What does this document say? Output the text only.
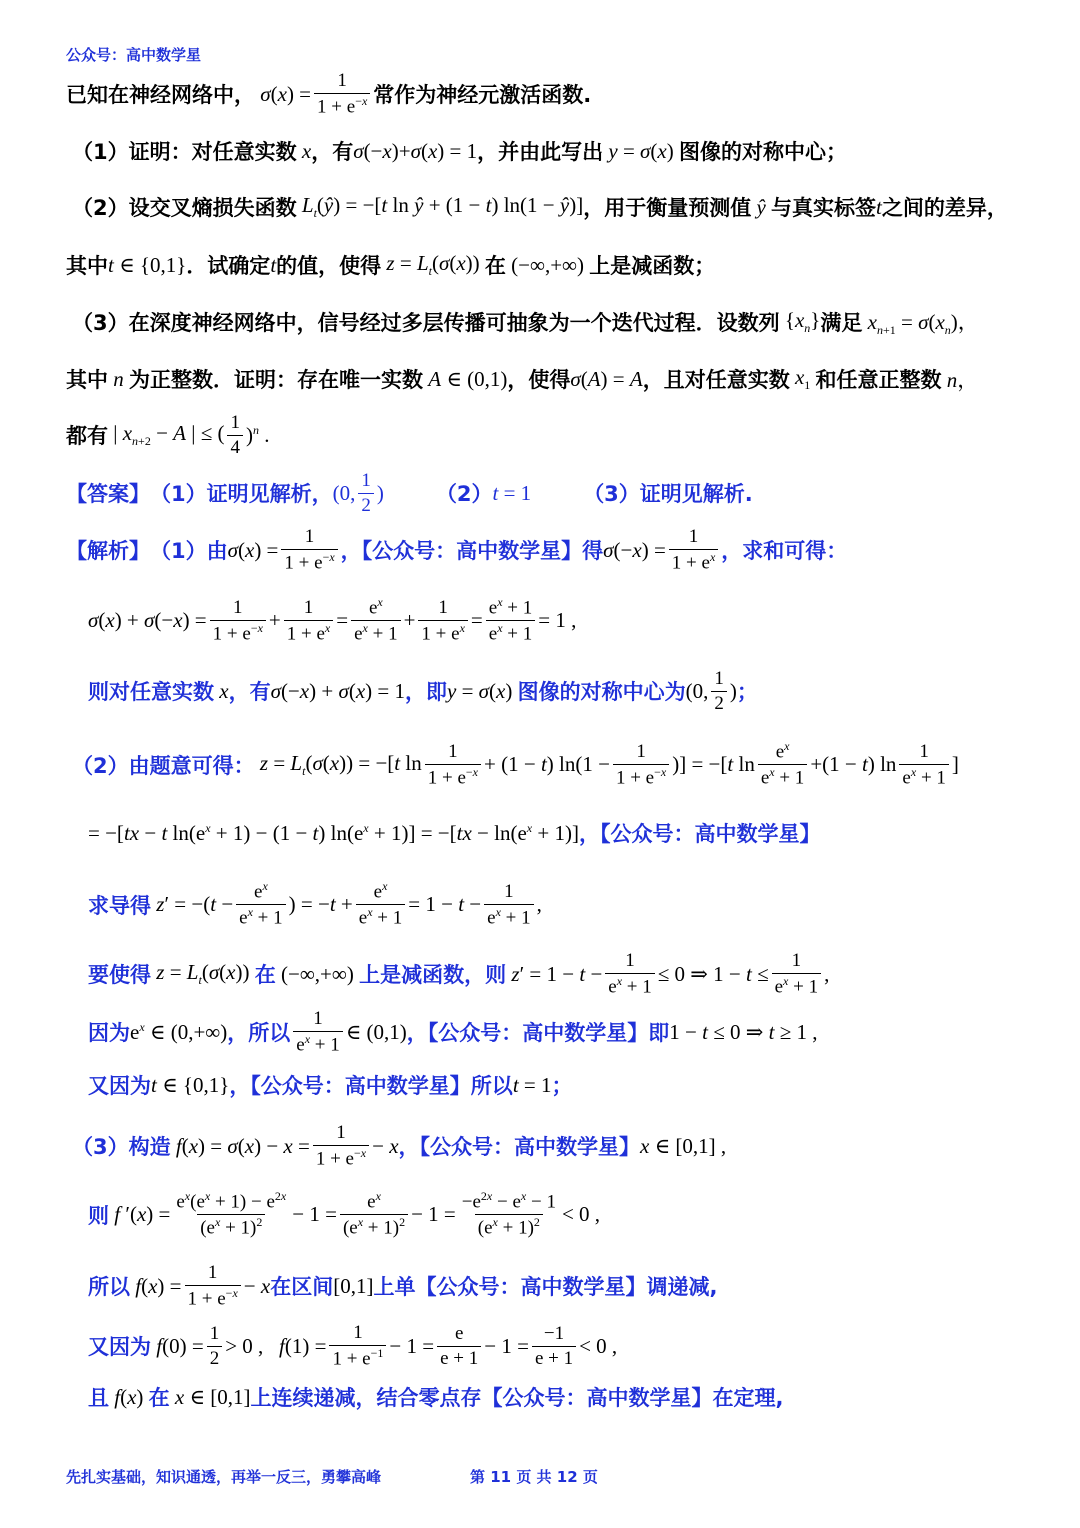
公众号：高中数学星
已知在神经网络中， $\sigma(x) = \frac{1}{1 + e^{-x}}$ 常作为神经元激活函数.
（1） 证明：对任意实数 x ，有 σ(−x)+σ(x) = 1 ，并由此写出 y = σ(x) 图像的对称中心；
（2） 设交叉熵损失函数 $L_t(ŷ) = -[t$ ln ŷ + (1 − t) ln(1 − ŷ)] ，用于衡量预测值 ŷ 与真实标签 t 之间的差异，
其中 t ∈ {0,1} ．试确定 t 的值，使得 $z = L_t(\sigma(x))$ 在 (−∞,+∞) 上是减函数；
（3） 在深度神经网络中，信号经过多层传播可抽象为一个迭代过程．设数列 $\{x_n\}$ 满足 $x_{n+1} = \sigma(x_n)$，
其中 n 为正整数．证明：存在唯一实数 A ∈ (0,1) ，使得 σ(A) = A ，且对任意实数 $x_1$ 和任意正整数 n，
都有 | $x_{n+2} - A$ | ≤ ( $\frac{1}{4} )^n$ .
【答案】 （1）证明见解析， (0, $\frac{1}{2}$ ) （2） t = 1 （3）证明见解析.
【解析】 （1）由 $\sigma(x) = \frac{1}{1 + e^{-x}}$ ，【公众号：高中数学星】得 $\sigma(-x) = \frac{1}{1 + e^x}$ ，求和可得：
$\sigma(x) + \sigma(-x) = \frac{1}{1 + e^{-x}} + \frac{1}{1 + e^x} = \frac{e^x}{e^x + 1} + \frac{1}{1 + e^x} = \frac{e^x + 1}{e^x + 1} = 1$ ,
则对任意实数 x ，有 σ(−x) + σ(x) = 1 ，即 y = σ(x) 图像的对称中心为 (0, $\frac{1}{2}$ ) ；
（2）由题意可得： $z = L_t(\sigma(x)) = -[t$ $\ln \frac{1}{1 + e^{-x}} + (1 - t) \ln(1 - \frac{1}{1 + e^{-x}}$ )] = −[t $\ln \frac{e^x}{e^x + 1} +(1 - t)$ $\ln \frac{1}{e^x + 1}$ ]
= −[tx − t $\ln(e^x + 1) - (1 - t) \ln(e^x + 1)] = -[tx - \ln(e^x + 1)]$ ，【公众号：高中数学星】
求导得 $z' = -(t - \frac{e^x}{e^x + 1}$ ) = $-t + \frac{e^x}{e^x + 1} = 1 - t - \frac{1}{e^x + 1}$ ,
要使得 $z = L_t(\sigma(x))$ 在 (−∞,+∞) 上是减函数，则 $z' = 1 - t - \frac{1}{e^x + 1} \le 0$ ⇒ $1 - t \le \frac{1}{e^x + 1}$ ,
因为 $e^x$ ∈ (0,+∞) ，所以 $\frac{1}{e^x + 1}$ ∈ (0,1) ，【公众号：高中数学星】即 1 − t ≤ 0 ⇒ t ≥ 1 ,
又因为 t ∈ {0,1} ，【公众号：高中数学星】所以 t = 1 ；
（3）构造 $f(x) = \sigma(x) - x = \frac{1}{1 + e^{-x}} - x$ ，【公众号：高中数学星】 x ∈ [0,1] ,
则 f $'(x) = \frac{e^x(e^x + 1) - e^{2x}}{(e^x + 1)^2} - 1 = \frac{e^x}{(e^x + 1)^2} - 1 = \frac{-e^{2x} - e^x - 1}{(e^x + 1)^2} < 0$ ,
所以 $f(x) = \frac{1}{1 + e^{-x}} - x$ 在区间 [0,1] 上单【公众号：高中数学星】调递减,
又因为 $f(0) = \frac{1}{2} > 0$ ,   $f(1) = \frac{1}{1 + e^{-1}} - 1 = \frac{e}{e + 1} - 1 = \frac{-1}{e + 1} < 0$ ,
且 f(x) 在 x ∈ [0,1] 上连续递减，结合零点存【公众号：高中数学星】在定理,
先扎实基础，知识通透，再举一反三，勇攀高峰	第 11 页 共 12 页
